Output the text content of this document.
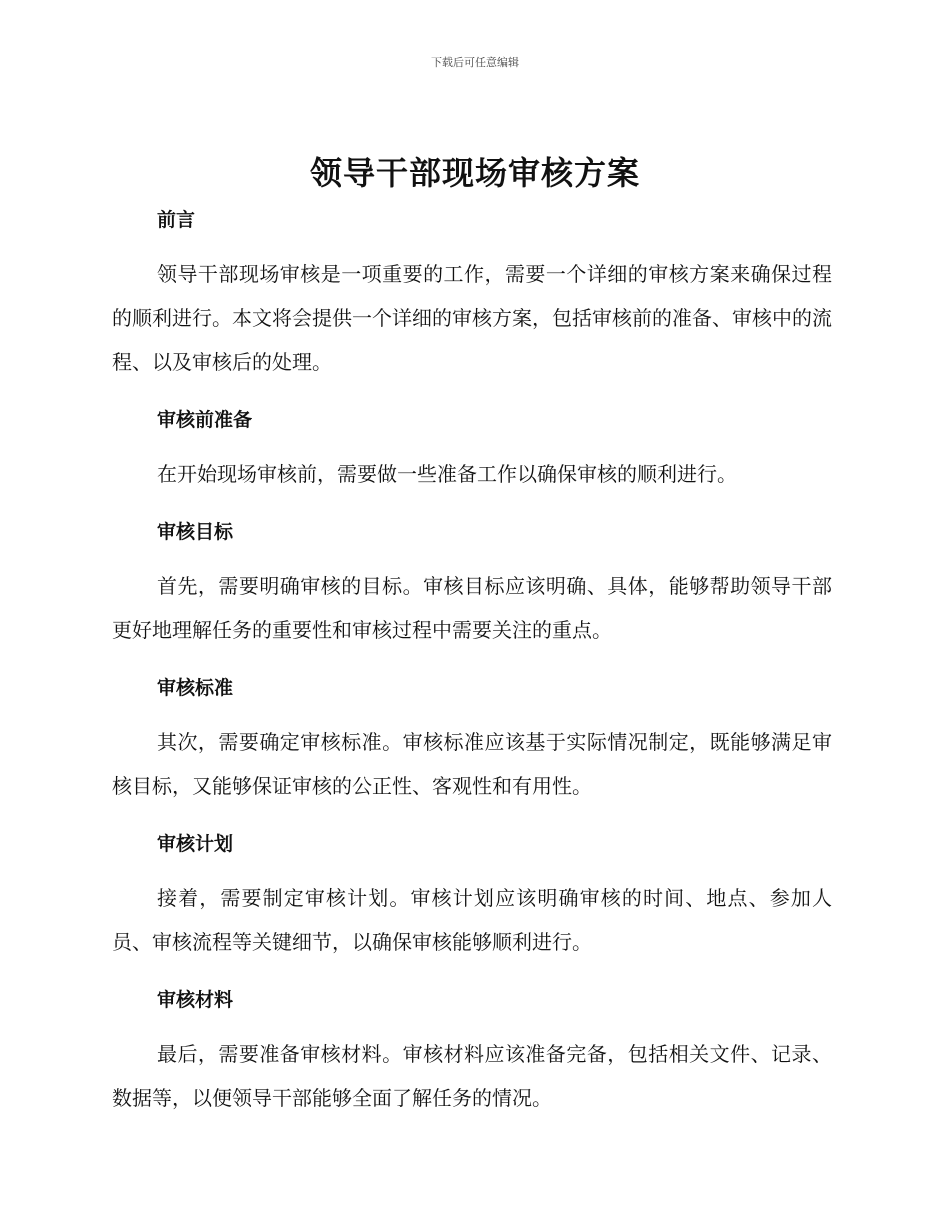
下载后可任意编辑
领导干部现场审核方案
前言

领导干部现场审核是一项重要的工作，需要一个详细的审核方案来确保过程的顺利进行。本文将会提供一个详细的审核方案，包括审核前的准备、审核中的流程、以及审核后的处理。

审核前准备

在开始现场审核前，需要做一些准备工作以确保审核的顺利进行。

审核目标

首先，需要明确审核的目标。审核目标应该明确、具体，能够帮助领导干部更好地理解任务的重要性和审核过程中需要关注的重点。

审核标准

其次，需要确定审核标准。审核标准应该基于实际情况制定，既能够满足审核目标，又能够保证审核的公正性、客观性和有用性。

审核计划

接着，需要制定审核计划。审核计划应该明确审核的时间、地点、参加人员、审核流程等关键细节，以确保审核能够顺利进行。

审核材料

最后，需要准备审核材料。审核材料应该准备完备，包括相关文件、记录、数据等，以便领导干部能够全面了解任务的情况。
